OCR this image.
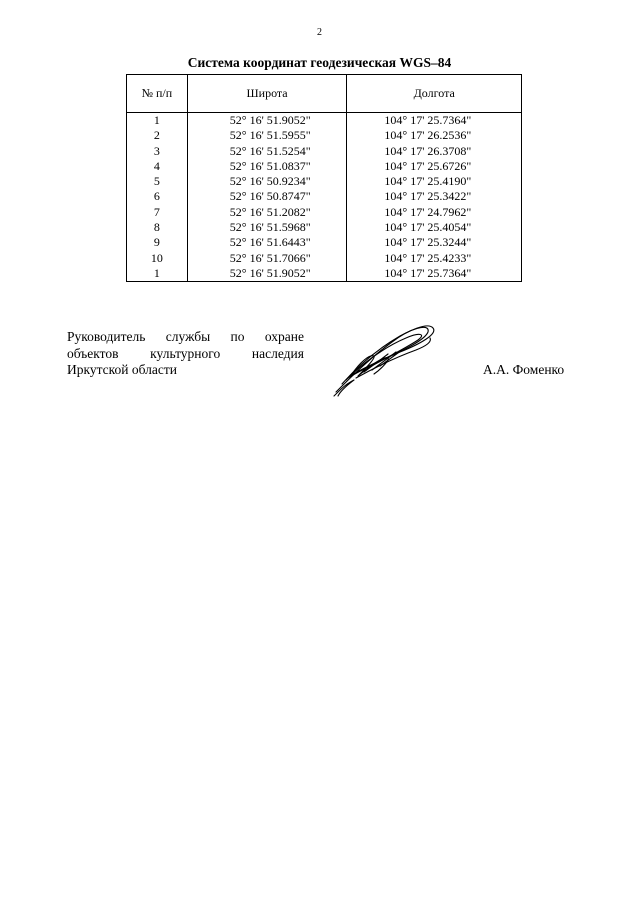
2
Система координат геодезическая WGS–84
№ п/п	Широта	Долгота
1	52° 16' 51.9052"	104° 17' 25.7364"
2	52° 16' 51.5955"	104° 17' 26.2536"
3	52° 16' 51.5254"	104° 17' 26.3708"
4	52° 16' 51.0837"	104° 17' 25.6726"
5	52° 16' 50.9234"	104° 17' 25.4190"
6	52° 16' 50.8747"	104° 17' 25.3422"
7	52° 16' 51.2082"	104° 17' 24.7962"
8	52° 16' 51.5968"	104° 17' 25.4054"
9	52° 16' 51.6443"	104° 17' 25.3244"
10	52° 16' 51.7066"	104° 17' 25.4233"
1	52° 16' 51.9052"	104° 17' 25.7364"
Руководитель службы по охране
объектов культурного наследия
Иркутской области	А.А. Фоменко
